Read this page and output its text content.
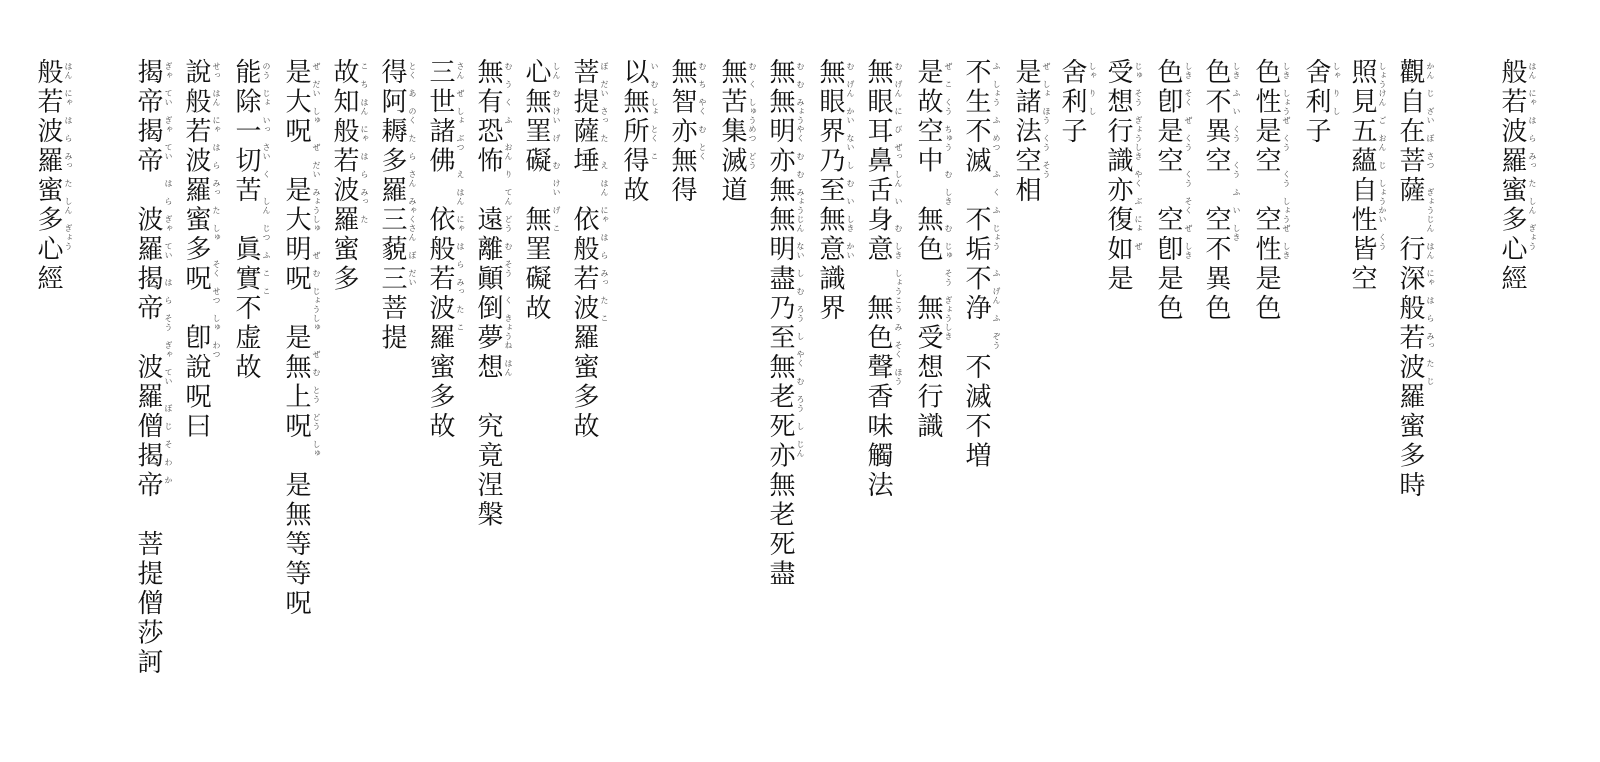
般若波羅蜜多心經 はん　にゃ　は　ら　みっ　た　しん　ぎょう
觀自在菩薩　行深般若波羅蜜多時 かん　じ　ざい　ぼ　さつ　　ぎょうじん　はん　にゃ　は　ら　みっ　た　じ
照見五蘊自性皆空 しょうけん　ご　おん　じ　しょうかい　くう
舍利子 しゃ　り　し
色性是空　空性是色 しき　しょうぜ　くう　　くう　しょうぜ　しき
色不異空　空不異色 しき　ふ　い　くう　　くう　ふ　い　しき
色卽是空　空卽是色 しき　そく　ぜ　くう　　くう　そく　ぜ　しき
受想行識亦復如是 じゅ　そう　ぎょうしき　やく　ぶ　にょ　ぜ
舍利子 しゃ　り　し
是諸法空相 ぜ　しょ　ほう　くう　そう
不生不滅　不垢不浄　不滅不増 ふ　しょう　ふ　めつ　　ふ　く　ふ　じょう　　ふ　げん　ふ　ぞう
是故空中　無色　無受想行識 ぜ　こ　くう　ちゅう　　む　しき　　む　じゅ　そう　ぎょうしき
無眼耳鼻舌身意　無色聲香味觸法 む　げん　に　び　ぜっ　しん　い　　む　しき　しょうこう　み　そく　ほう
無眼界乃至無意識界 む　げん　かい　ない　し　む　い　しき　かい
無無明亦無無明盡乃至無老死亦無老死盡 む　む　みょうやく　む　む　みょうじん　ない　し　む　ろう　し　やく　む　ろう　し　じん
無苦集滅道 む　く　しゅうめつ　どう
無智亦無得 む　ち　やく　む　とく
以無所得故 い　む　しょ　とく　こ
菩提薩埵　依般若波羅蜜多故 ぼ　だい　さっ　た　　え　はん　にゃ　は　ら　みっ　た　こ
心無罣礙　無罣礙故 しん　む　けい　げ　　む　けい　げ　こ
無有恐怖　遠離顚倒夢想　究竟涅槃 む　う　く　ふ　　おん　り　てん　どう　む　そう　　く　きょうね　はん
三世諸佛　依般若波羅蜜多故 さん　ぜ　しょ　ぶつ　　え　はん　にゃ　は　ら　みっ　た　こ
得阿耨多羅三藐三菩提 とく　あ　のく　た　ら　さん　みゃくさん　ぼ　だい
故知般若波羅蜜多 こ　ち　はん　にゃ　は　ら　みっ　た
是大呪　是大明呪　是無上呪　是無等等呪 ぜ　だい　しゅ　　ぜ　だい　みょうしゅ　　ぜ　む　じょうしゅ　　ぜ　む　とう　どう　しゅ
能除一切苦　眞實不虚故 のう　じょ　いっ　さい　く　　しん　じつ　ふ　こ　こ
說般若波羅蜜多呪　卽說呪曰 せっ　はん　にゃ　は　ら　みっ　た　しゅ　　そく　せつ　しゅ　わつ
揭帝揭帝　波羅揭帝　波羅僧揭帝　菩提僧莎訶 ぎゃ　てい　ぎゃ　てい　　は　ら　ぎゃ　てい　　は　ら　そう　ぎゃ　てい　　ぼ　じ　そ　わ　か
般若波羅蜜多心經 はん　にゃ　は　ら　みっ　た　しん　ぎょう
